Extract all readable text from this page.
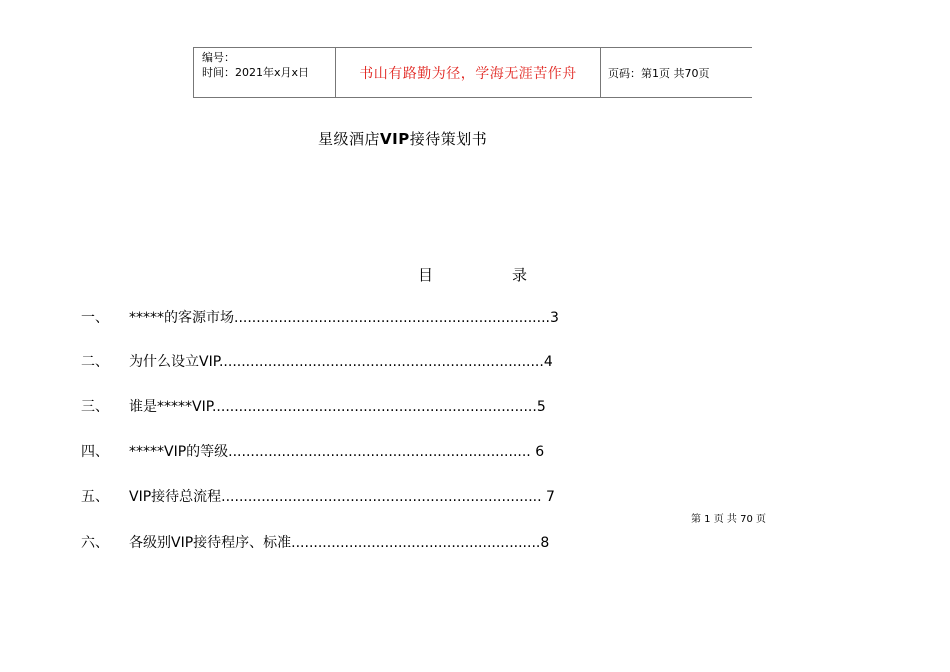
编号：
时间：2021年x月x日	书山有路勤为径，学海无涯苦作舟	页码：第1页 共70页
星级酒店VIP接待策划书
目	录
一、 *****的客源市场.......................................................................3
二、 为什么设立VIP.........................................................................4
三、 谁是*****VIP.........................................................................5
四、 *****VIP的等级.................................................................... 6
五、 VIP接待总流程........................................................................ 7
六、 各级别VIP接待程序、标准........................................................8
第 1 页 共 70 页
